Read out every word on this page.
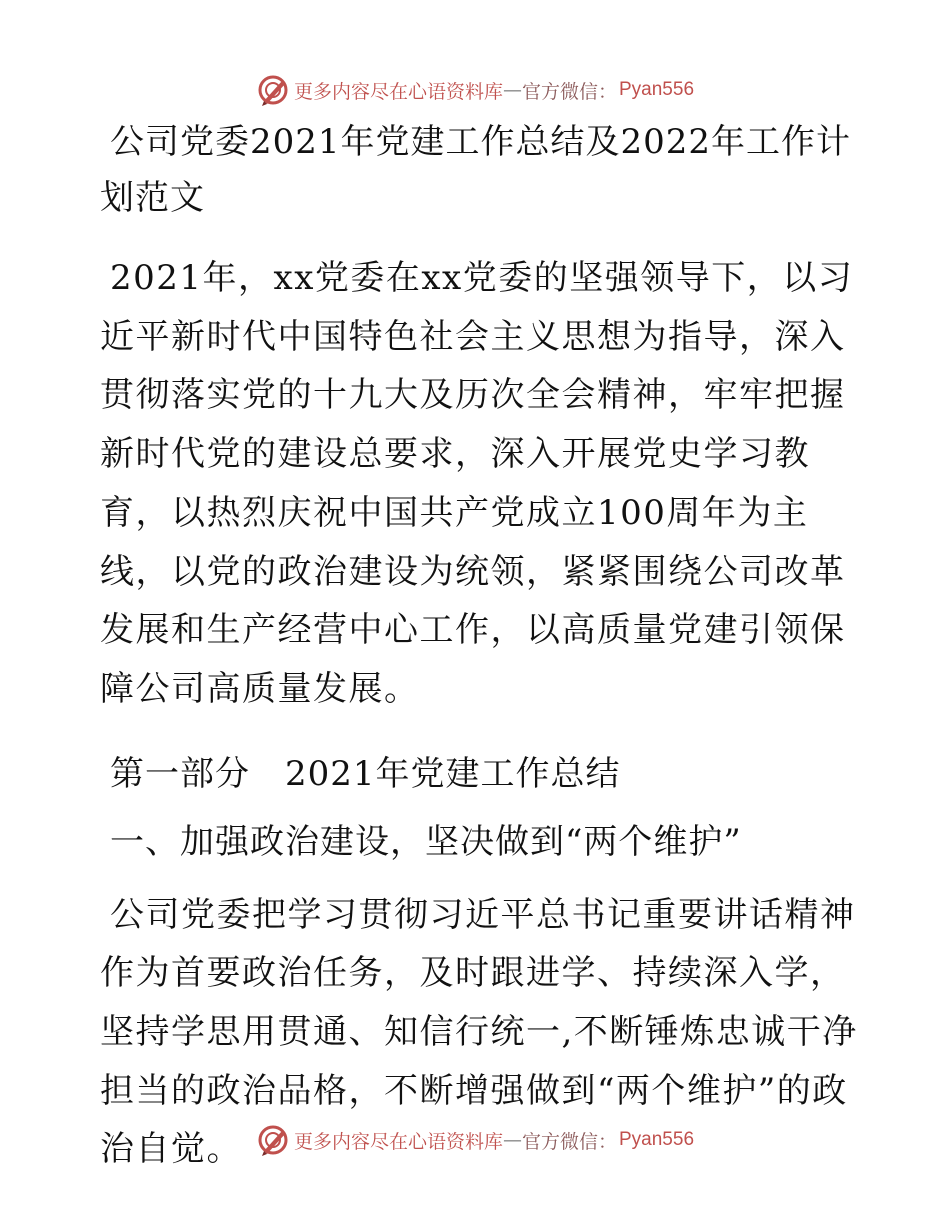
更多内容尽在心语资料库 — 官方微信： Pyan556
公司党委2021年党建工作总结及2022年工作计划范文

2021年，xx党委在xx党委的坚强领导下，以习近平新时代中国特色社会主义思想为指导，深入贯彻落实党的十九大及历次全会精神，牢牢把握新时代党的建设总要求，深入开展党史学习教育，以热烈庆祝中国共产党成立100周年为主线，以党的政治建设为统领，紧紧围绕公司改革发展和生产经营中心工作，以高质量党建引领保障公司高质量发展。

第一部分　2021年党建工作总结
一、加强政治建设，坚决做到“两个维护”

公司党委把学习贯彻习近平总书记重要讲话精神作为首要政治任务，及时跟进学、持续深入学，坚持学思用贯通、知信行统一,不断锤炼忠诚干净担当的政治品格，不断增强做到“两个维护”的政治自觉。	更多内容尽在心语资料库 — 官方微信： Pyan556
